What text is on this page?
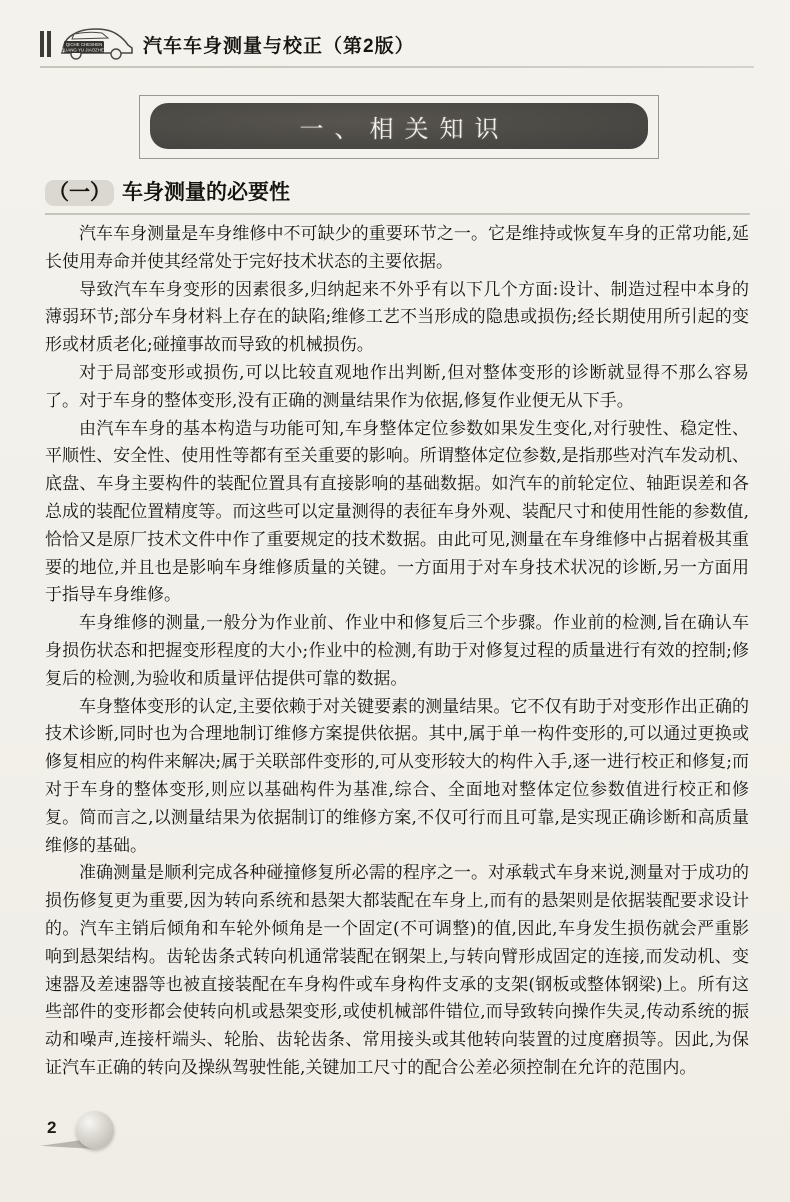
QICHE CHESHEN
CELIANG YU JIAOZHENG 汽车车身测量与校正（第2版）
一、相关知识
（一） 车身测量的必要性

汽车车身测量是车身维修中不可缺少的重要环节之一。它是维持或恢复车身的正常功能,延长使用寿命并使其经常处于完好技术状态的主要依据。

导致汽车车身变形的因素很多,归纳起来不外乎有以下几个方面:设计、制造过程中本身的薄弱环节;部分车身材料上存在的缺陷;维修工艺不当形成的隐患或损伤;经长期使用所引起的变形或材质老化;碰撞事故而导致的机械损伤。

对于局部变形或损伤,可以比较直观地作出判断,但对整体变形的诊断就显得不那么容易了。对于车身的整体变形,没有正确的测量结果作为依据,修复作业便无从下手。

由汽车车身的基本构造与功能可知,车身整体定位参数如果发生变化,对行驶性、稳定性、平顺性、安全性、使用性等都有至关重要的影响。所谓整体定位参数,是指那些对汽车发动机、底盘、车身主要构件的装配位置具有直接影响的基础数据。如汽车的前轮定位、轴距误差和各总成的装配位置精度等。而这些可以定量测得的表征车身外观、装配尺寸和使用性能的参数值,恰恰又是原厂技术文件中作了重要规定的技术数据。由此可见,测量在车身维修中占据着极其重要的地位,并且也是影响车身维修质量的关键。一方面用于对车身技术状况的诊断,另一方面用于指导车身维修。

车身维修的测量,一般分为作业前、作业中和修复后三个步骤。作业前的检测,旨在确认车身损伤状态和把握变形程度的大小;作业中的检测,有助于对修复过程的质量进行有效的控制;修复后的检测,为验收和质量评估提供可靠的数据。

车身整体变形的认定,主要依赖于对关键要素的测量结果。它不仅有助于对变形作出正确的技术诊断,同时也为合理地制订维修方案提供依据。其中,属于单一构件变形的,可以通过更换或修复相应的构件来解决;属于关联部件变形的,可从变形较大的构件入手,逐一进行校正和修复;而对于车身的整体变形,则应以基础构件为基准,综合、全面地对整体定位参数值进行校正和修复。简而言之,以测量结果为依据制订的维修方案,不仅可行而且可靠,是实现正确诊断和高质量维修的基础。

准确测量是顺利完成各种碰撞修复所必需的程序之一。对承载式车身来说,测量对于成功的损伤修复更为重要,因为转向系统和悬架大都装配在车身上,而有的悬架则是依据装配要求设计的。汽车主销后倾角和车轮外倾角是一个固定(不可调整)的值,因此,车身发生损伤就会严重影响到悬架结构。齿轮齿条式转向机通常装配在钢架上,与转向臂形成固定的连接,而发动机、变速器及差速器等也被直接装配在车身构件或车身构件支承的支架(钢板或整体钢梁)上。所有这些部件的变形都会使转向机或悬架变形,或使机械部件错位,而导致转向操作失灵,传动系统的振动和噪声,连接杆端头、轮胎、齿轮齿条、常用接头或其他转向装置的过度磨损等。因此,为保证汽车正确的转向及操纵驾驶性能,关键加工尺寸的配合公差必须控制在允许的范围内。

2
